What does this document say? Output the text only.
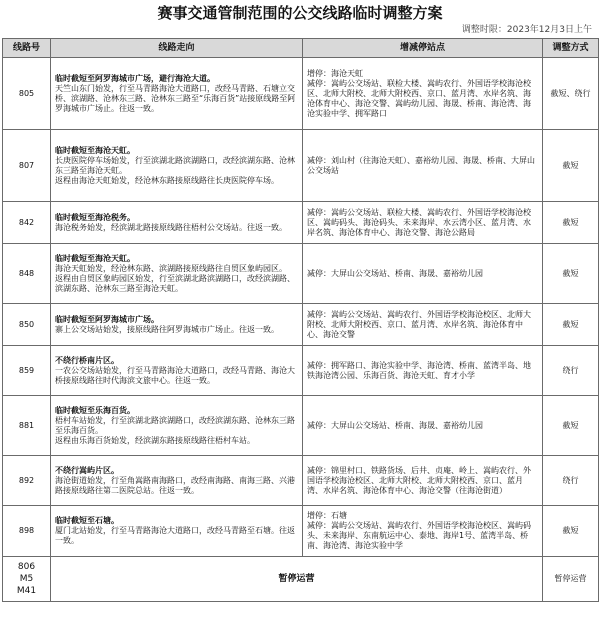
赛事交通管制范围的公交线路临时调整方案
调整时限：2023年12月3日上午
线路号	线路走向	增减停站点	调整方式
805	临时截短至阿罗海城市广场，避行海沧大道。
天竺山东门始发，行至马青路海沧大道路口，改经马青路、石塘立交桥、滨湖路、沧林东三路、沧林东三路至“乐海百货”站接原线路至阿罗海城市广场止。往返一致。	增停：海沧天虹
减停：嵩屿公交场站、联检大楼、嵩屿农行、外国语学校海沧校区、北师大附校、北师大附校西、京口、蓝月湾、水岸名筑、海沧体育中心、海沧交警、嵩屿幼儿园、海晟、桥南、海沧湾、海沧实验中学、拥军路口	截短、绕行
807	临时截短至海沧天虹。
长庚医院停车场始发，行至滨湖北路滨湖路口，改经滨湖东路、沧林东三路至海沧天虹。
返程由海沧天虹始发，经沧林东路接原线路往长庚医院停车场。	减停：刘山村（往海沧天虹）、嘉裕幼儿园、海晟、桥南、大屏山公交场站	截短
842	临时截短至海沧税务。
海沧税务始发，经滨湖北路接原线路往梧村公交场站。往返一致。	减停：嵩屿公交场站、联检大楼、嵩屿农行、外国语学校海沧校区、嵩屿码头、海沧码头、未来海岸、水云湾小区、蓝月湾、水岸名筑、海沧体育中心、海沧交警、海沧公路局	截短
848	临时截短至海沧天虹。
海沧天虹始发，经沧林东路、滨湖路接原线路往自贸区象屿园区。
返程由自贸区象屿园区始发，行至滨湖北路滨湖路口，改经滨湖路、滨湖东路、沧林东三路至海沧天虹。	减停：大屏山公交场站、桥南、海晟、嘉裕幼儿园	截短
850	临时截短至阿罗海城市广场。
寨上公交场站始发，接原线路往阿罗海城市广场止。往返一致。	减停：嵩屿公交场站、嵩屿农行、外国语学校海沧校区、北师大附校、北师大附校西、京口、蓝月湾、水岸名筑、海沧体育中心、海沧交警	截短
859	不绕行桥南片区。
一农公交场站始发，行至马青路海沧大道路口，改经马青路、海沧大桥接原线路往时代海滨文旅中心。往返一致。	减停：拥军路口、海沧实验中学、海沧湾、桥南、蓝湾半岛、地铁海沧湾公园、乐海百货、海沧天虹、育才小学	绕行
881	临时截短至乐海百货。
梧村车站始发，行至滨湖北路滨湖路口，改经滨湖东路、沧林东三路至乐海百货。
返程由乐海百货始发，经滨湖东路接原线路往梧村车站。	减停：大屏山公交场站、桥南、海晟、嘉裕幼儿园	截短
892	不绕行嵩屿片区。
海沧街道始发，行至角嵩路南海路口，改经南海路、南海三路、兴港路接原线路往第二医院总站。往返一致。	减停：锦里村口、铁路货场、后井、贞庵、岭上、嵩屿农行、外国语学校海沧校区、北师大附校、北师大附校西、京口、蓝月湾、水岸名筑、海沧体育中心、海沧交警（往海沧街道）	绕行
898	临时截短至石塘。
厦门北站始发，行至马青路海沧大道路口，改经马青路至石塘。往返一致。	增停：石塘
减停：嵩屿公交场站、嵩屿农行、外国语学校海沧校区、嵩屿码头、未来海岸、东南航运中心、泰地、海岸1号、蓝湾半岛、桥南、海沧湾、海沧实验中学	截短
806
M5
M41	暂停运营		暂停运营
